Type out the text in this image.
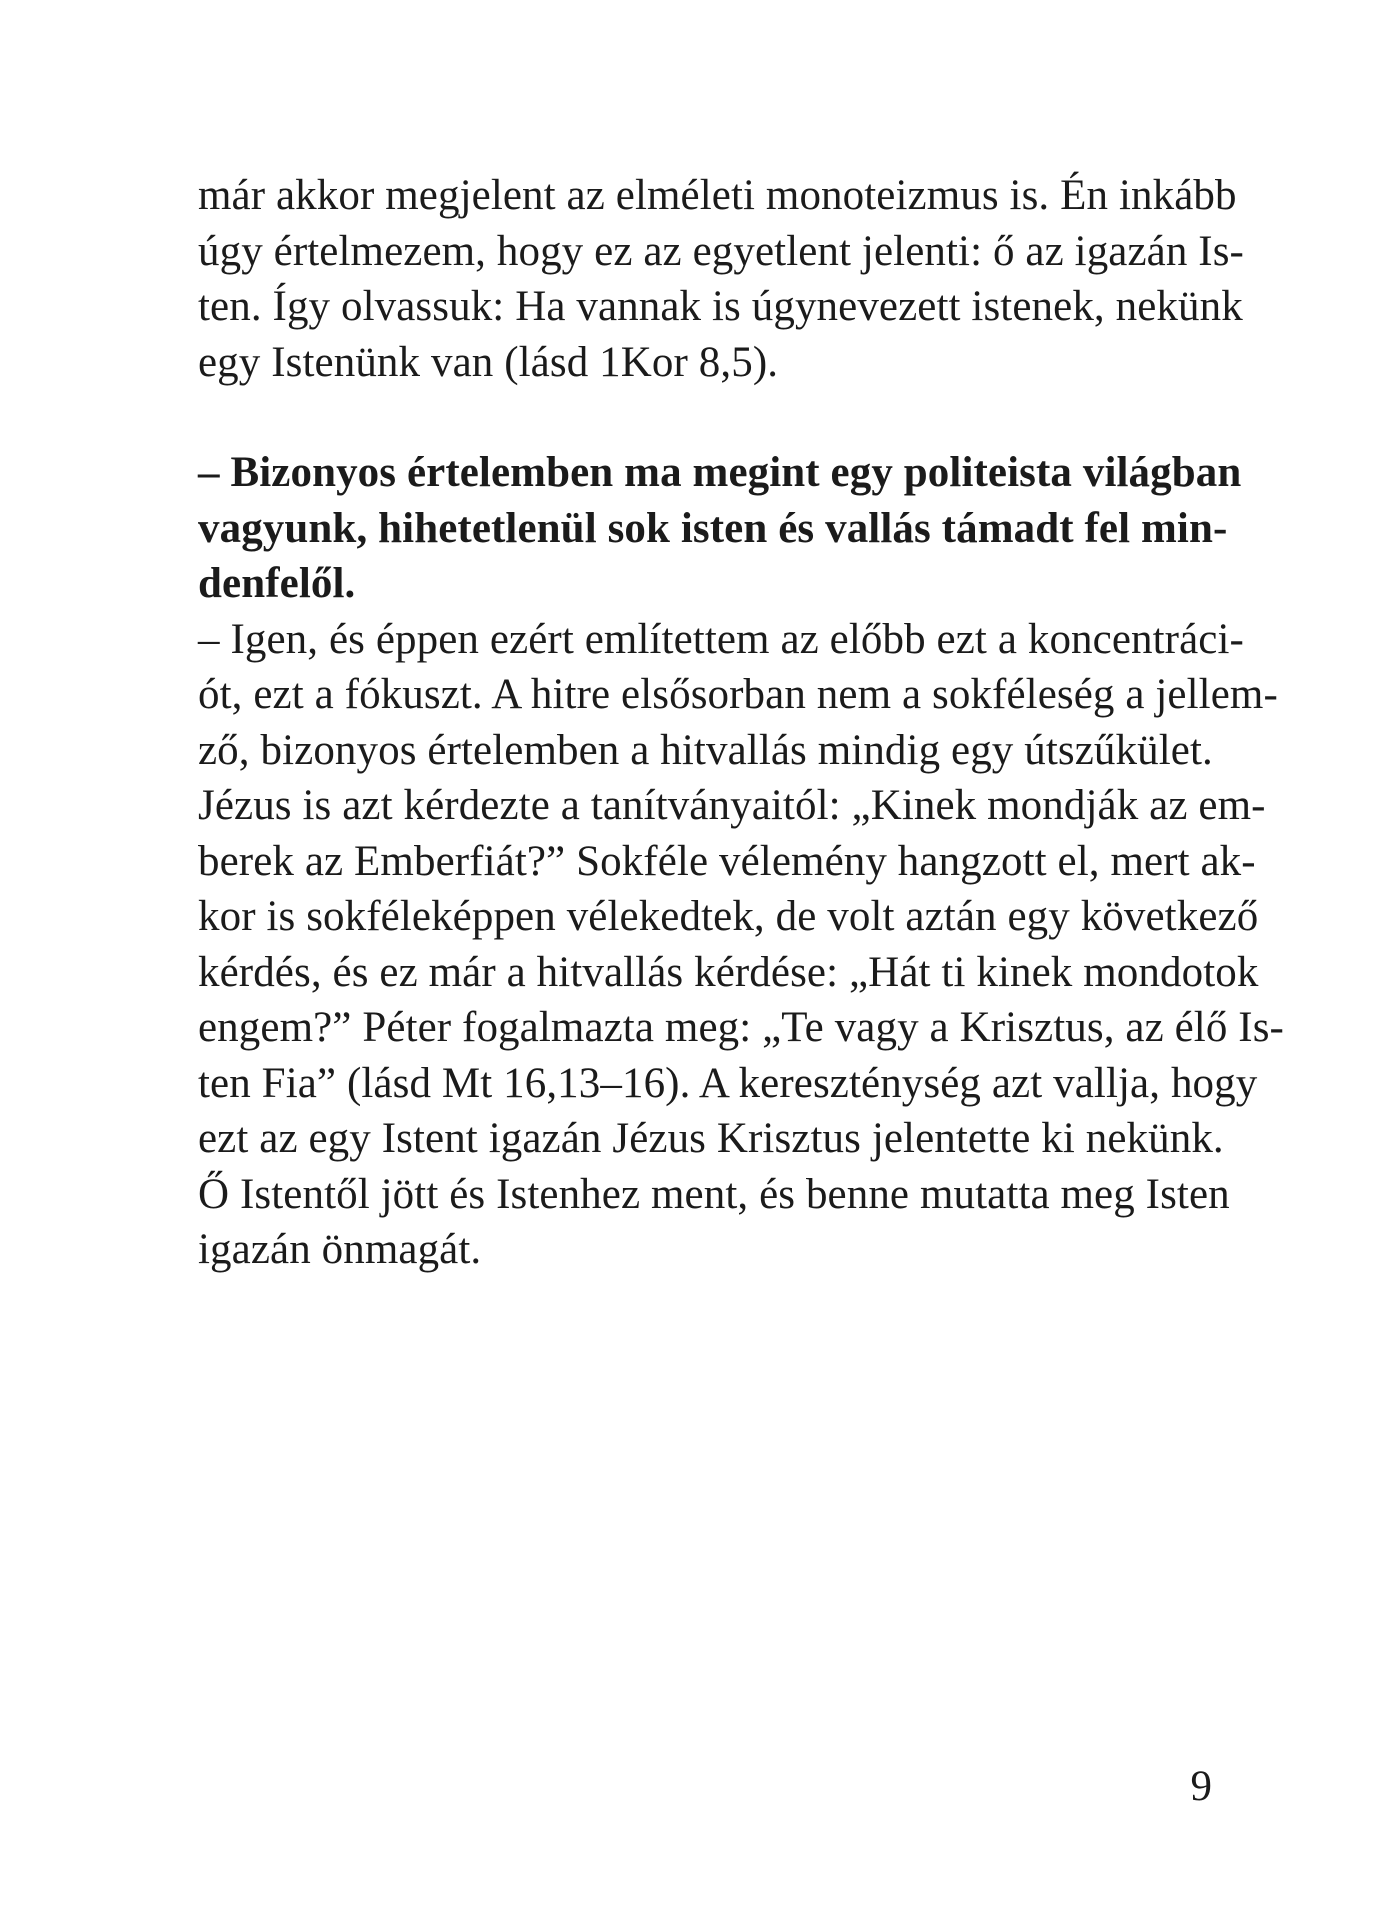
már akkor megjelent az elméleti monoteizmus is. Én inkább
úgy értelmezem, hogy ez az egyetlent jelenti: ő az igazán Is-
ten. Így olvassuk: Ha vannak is úgynevezett istenek, nekünk
egy Istenünk van (lásd 1Kor 8,5).
– Bizonyos értelemben ma megint egy politeista világban
vagyunk, hihetetlenül sok isten és vallás támadt fel min-
denfelől.
– Igen, és éppen ezért említettem az előbb ezt a koncentráci-
ót, ezt a fókuszt. A hitre elsősorban nem a sokféleség a jellem-
ző, bizonyos értelemben a hitvallás mindig egy útszűkület.
Jézus is azt kérdezte a tanítványaitól: „Kinek mondják az em-
berek az Emberfiát?” Sokféle vélemény hangzott el, mert ak-
kor is sokféleképpen vélekedtek, de volt aztán egy következő
kérdés, és ez már a hitvallás kérdése: „Hát ti kinek mondotok
engem?” Péter fogalmazta meg: „Te vagy a Krisztus, az élő Is-
ten Fia” (lásd Mt 16,13–16). A kereszténység azt vallja, hogy
ezt az egy Istent igazán Jézus Krisztus jelentette ki nekünk.
Ő Istentől jött és Istenhez ment, és benne mutatta meg Isten
igazán önmagát.
9
